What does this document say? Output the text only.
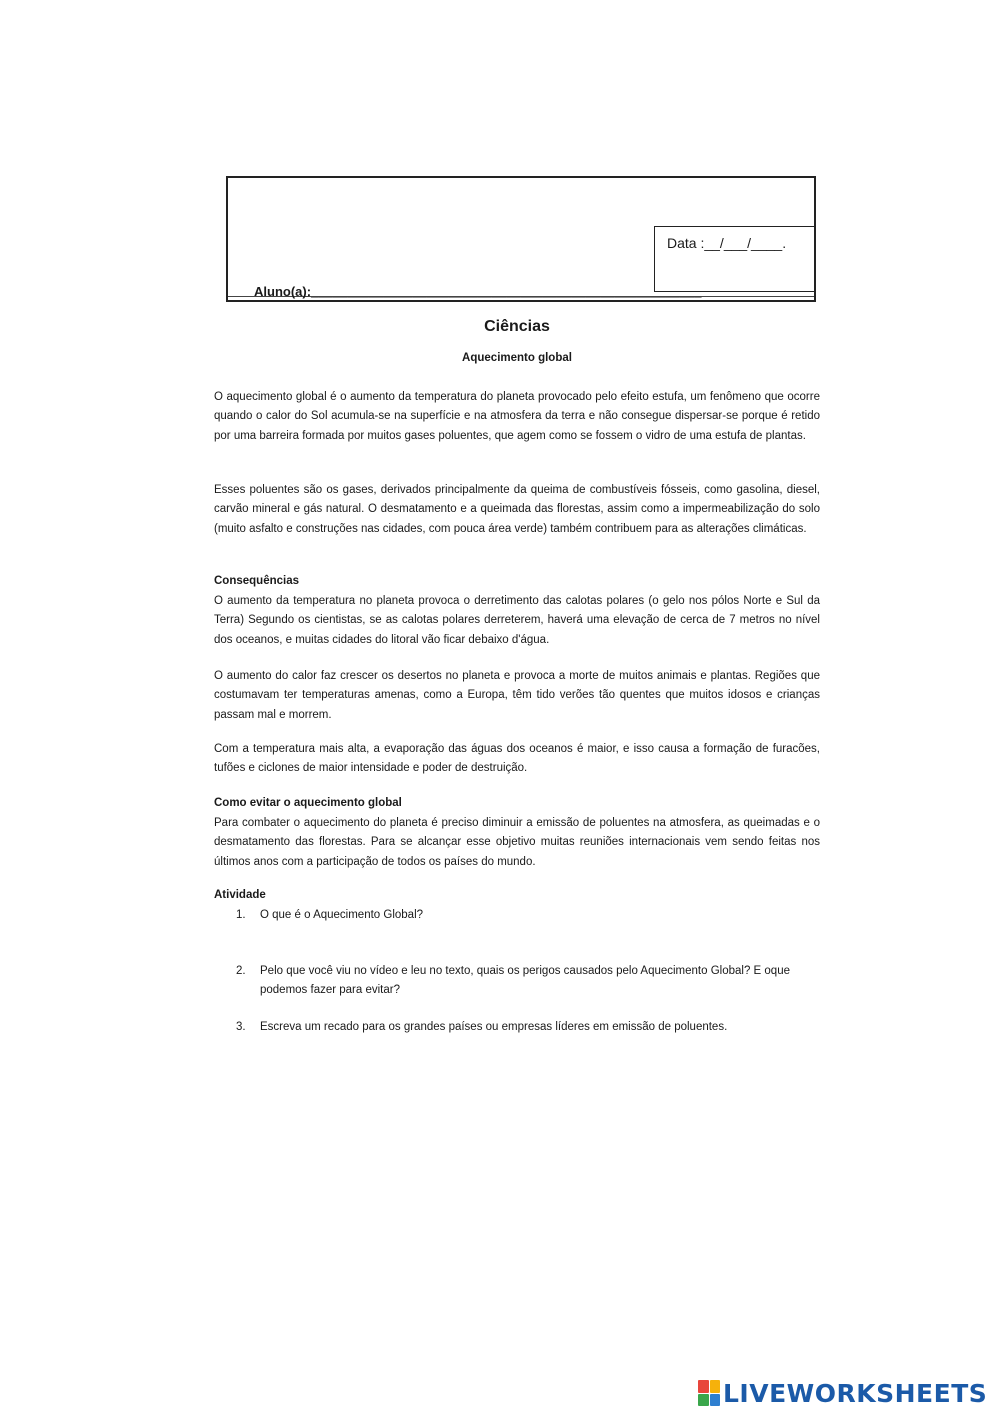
Data :__/___/____.
Aluno(a):______________________________________________________
Ciências
Aquecimento global

O aquecimento global é o aumento da temperatura do planeta provocado pelo efeito estufa, um fenômeno que ocorre quando o calor do Sol acumula-se na superfície e na atmosfera da terra e não consegue dispersar-se porque é retido por uma barreira formada por muitos gases poluentes, que agem como se fossem o vidro de uma estufa de plantas.

Esses poluentes são os gases, derivados principalmente da queima de combustíveis fósseis, como gasolina, diesel, carvão mineral e gás natural. O desmatamento e a queimada das florestas, assim como a impermeabilização do solo (muito asfalto e construções nas cidades, com pouca área verde) também contribuem para as alterações climáticas.

Consequências

O aumento da temperatura no planeta provoca o derretimento das calotas polares (o gelo nos pólos Norte e Sul da Terra) Segundo os cientistas, se as calotas polares derreterem, haverá uma elevação de cerca de 7 metros no nível dos oceanos, e muitas cidades do litoral vão ficar debaixo d'água.

O aumento do calor faz crescer os desertos no planeta e provoca a morte de muitos animais e plantas. Regiões que costumavam ter temperaturas amenas, como a Europa, têm tido verões tão quentes que muitos idosos e crianças passam mal e morrem.

Com a temperatura mais alta, a evaporação das águas dos oceanos é maior, e isso causa a formação de furacões, tufões e ciclones de maior intensidade e poder de destruição.

Como evitar o aquecimento global

Para combater o aquecimento do planeta é preciso diminuir a emissão de poluentes na atmosfera, as queimadas e o desmatamento das florestas. Para se alcançar esse objetivo muitas reuniões internacionais vem sendo feitas nos últimos anos com a participação de todos os países do mundo.

Atividade

1.	O que é o Aquecimento Global?
2.	Pelo que você viu no vídeo e leu no texto, quais os perigos causados pelo Aquecimento Global? E oque podemos fazer para evitar?
3.	Escreva um recado para os grandes países ou empresas líderes em emissão de poluentes.
LIVEWORKSHEETS
